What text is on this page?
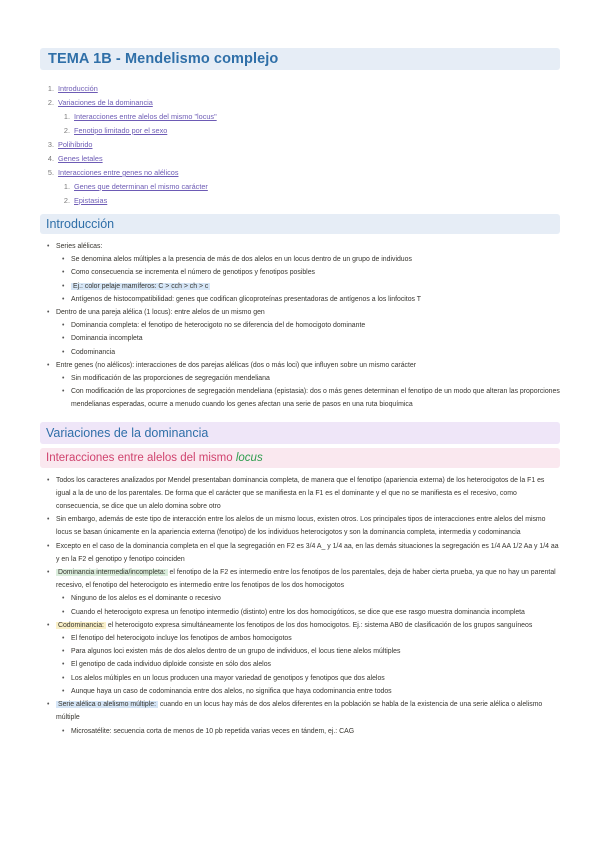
TEMA 1B - Mendelismo complejo
1. Introducción
2. Variaciones de la dominancia
1. Interacciones entre alelos del mismo "locus"
2. Fenotipo limitado por el sexo
3. Polihíbrido
4. Genes letales
5. Interacciones entre genes no alélicos
1. Genes que determinan el mismo carácter
2. Epistasias
Introducción
• Series alélicas:
• Se denomina alelos múltiples a la presencia de más de dos alelos en un locus dentro de un grupo de individuos
• Como consecuencia se incrementa el número de genotipos y fenotipos posibles
• Ej.: color pelaje mamíferos: C > cch > ch > c
• Antígenos de histocompatibilidad: genes que codifican glicoproteínas presentadoras de antígenos a los linfocitos T
• Dentro de una pareja alélica (1 locus): entre alelos de un mismo gen
• Dominancia completa: el fenotipo de heterocigoto no se diferencia del de homocigoto dominante
• Dominancia incompleta
• Codominancia
• Entre genes (no alélicos): interacciones de dos parejas alélicas (dos o más loci) que influyen sobre un mismo carácter
• Sin modificación de las proporciones de segregación mendeliana
• Con modificación de las proporciones de segregación mendeliana (epistasia): dos o más genes determinan el fenotipo de un modo que alteran las proporciones mendelianas esperadas, ocurre a menudo cuando los genes afectan una serie de pasos en una ruta bioquímica
Variaciones de la dominancia
Interacciones entre alelos del mismo locus
• Todos los caracteres analizados por Mendel presentaban dominancia completa, de manera que el fenotipo (apariencia externa) de los heterocigotos de la F1 es igual a la de uno de los parentales. De forma que el carácter que se manifiesta en la F1 es el dominante y el que no se manifiesta es el recesivo, como consecuencia, se dice que un alelo domina sobre otro
• Sin embargo, además de este tipo de interacción entre los alelos de un mismo locus, existen otros. Los principales tipos de interacciones entre alelos del mismo locus se basan únicamente en la apariencia externa (fenotipo) de los individuos heterocigotos y son la dominancia completa, intermedia y codominancia
• Excepto en el caso de la dominancia completa en el que la segregación en F2 es 3/4 A_ y 1/4 aa, en las demás situaciones la segregación es 1/4 AA 1/2 Aa y 1/4 aa y en la F2 el genotipo y fenotipo coinciden
• Dominancia intermedia/incompleta: el fenotipo de la F2 es intermedio entre los fenotipos de los parentales, deja de haber cierta prueba, ya que no hay un parental recesivo, el fenotipo del heterocigoto es intermedio entre los fenotipos de los dos homocigotos
• Ninguno de los alelos es el dominante o recesivo
• Cuando el heterocigoto expresa un fenotipo intermedio (distinto) entre los dos homocigóticos, se dice que ese rasgo muestra dominancia incompleta
• Codominancia: el heterocigoto expresa simultáneamente los fenotipos de los dos homocigotos. Ej.: sistema AB0 de clasificación de los grupos sanguíneos
• El fenotipo del heterocigoto incluye los fenotipos de ambos homocigotos
• Para algunos loci existen más de dos alelos dentro de un grupo de individuos, el locus tiene alelos múltiples
• El genotipo de cada individuo diploide consiste en sólo dos alelos
• Los alelos múltiples en un locus producen una mayor variedad de genotipos y fenotipos que dos alelos
• Aunque haya un caso de codominancia entre dos alelos, no significa que haya codominancia entre todos
• Serie alélica o alelismo múltiple: cuando en un locus hay más de dos alelos diferentes en la población se habla de la existencia de una serie alélica o alelismo múltiple
• Microsatélite: secuencia corta de menos de 10 pb repetida varias veces en tándem, ej.: CAG
